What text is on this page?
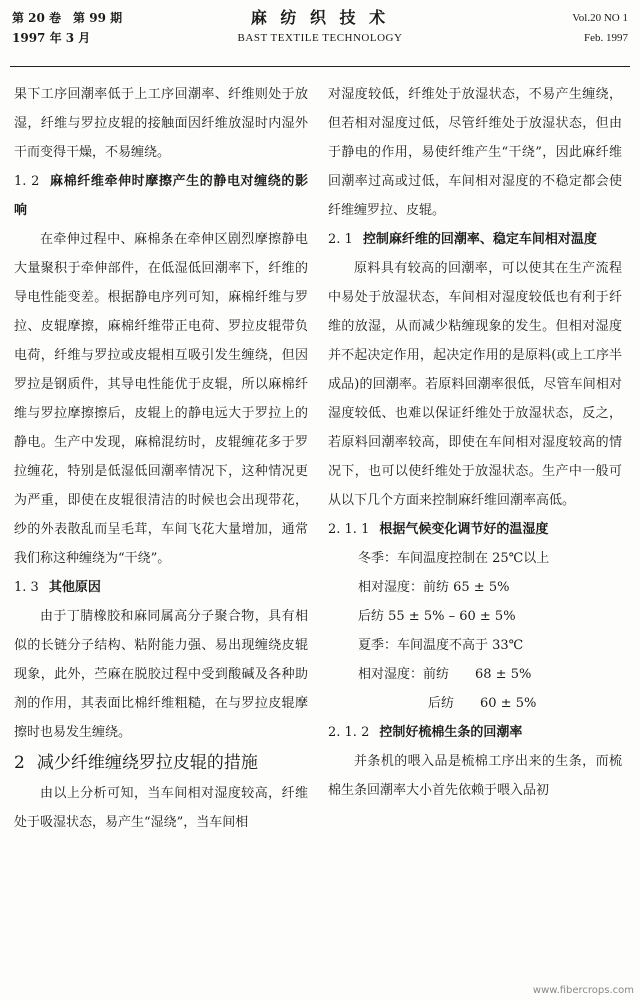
第 20 卷　第 99 期
1997 年 3 月
麻 纺 织 技 术
BAST TEXTILE TECHNOLOGY
Vol.20 NO 1
Feb. 1997

果下工序回潮率低于上工序回潮率、纤维则处于放湿，纤维与罗拉皮辊的接触面因纤维放湿时内湿外干而变得干燥，不易缠绕。

1. 2 麻棉纤维牵伸时摩擦产生的静电对缠绕的影响

在牵伸过程中、麻棉条在牵伸区剧烈摩擦静电大量聚积于牵伸部件，在低湿低回潮率下，纤维的导电性能变差。根据静电序列可知，麻棉纤维与罗拉、皮辊摩擦，麻棉纤维带正电荷、罗拉皮辊带负电荷，纤维与罗拉或皮辊相互吸引发生缠绕，但因罗拉是钢质件，其导电性能优于皮辊，所以麻棉纤维与罗拉摩擦擦后，皮辊上的静电远大于罗拉上的静电。生产中发现，麻棉混纺时，皮辊缠花多于罗拉缠花，特别是低湿低回潮率情况下，这种情况更为严重，即使在皮辊很清洁的时候也会出现带花，纱的外表散乱而呈毛茸，车间飞花大量增加，通常我们称这种缠绕为“干绕”。

1. 3 其他原因

由于丁腈橡胶和麻同属高分子聚合物，具有相似的长链分子结构、粘附能力强、易出现缠绕皮辊现象，此外，苎麻在脱胶过程中受到酸碱及各种助剂的作用，其表面比棉纤维粗糙，在与罗拉皮辊摩擦时也易发生缠绕。

2 减少纤维缠绕罗拉皮辊的措施

由以上分析可知，当车间相对湿度较高，纤维处于吸湿状态，易产生“湿绕”，当车间相

对湿度较低，纤维处于放湿状态，不易产生缠绕，但若相对湿度过低，尽管纤维处于放湿状态，但由于静电的作用，易使纤维产生“干绕”，因此麻纤维回潮率过高或过低，车间相对湿度的不稳定都会使纤维缠罗拉、皮辊。

2. 1 控制麻纤维的回潮率、稳定车间相对温度

原料具有较高的回潮率，可以使其在生产流程中易处于放湿状态，车间相对湿度较低也有利于纤维的放湿，从而减少粘缠现象的发生。但相对湿度并不起决定作用，起决定作用的是原料(或上工序半成品)的回潮率。若原料回潮率很低，尽管车间相对湿度较低、也难以保证纤维处于放湿状态，反之，若原料回潮率较高，即使在车间相对湿度较高的情况下，也可以使纤维处于放湿状态。生产中一般可从以下几个方面来控制麻纤维回潮率高低。

2. 1. 1 根据气候变化调节好的温湿度

冬季：车间温度控制在 25℃以上

相对湿度：前纺 65 ± 5%

后纺 55 ± 5% – 60 ± 5%

夏季：车间温度不高于 33℃

相对湿度：前纺　　68 ± 5%

后纺　　60 ± 5%

2. 1. 2 控制好梳棉生条的回潮率

并条机的喂入品是梳棉工序出来的生条，而梳棉生条回潮率大小首先依赖于喂入品初

www.fibercrops.com
